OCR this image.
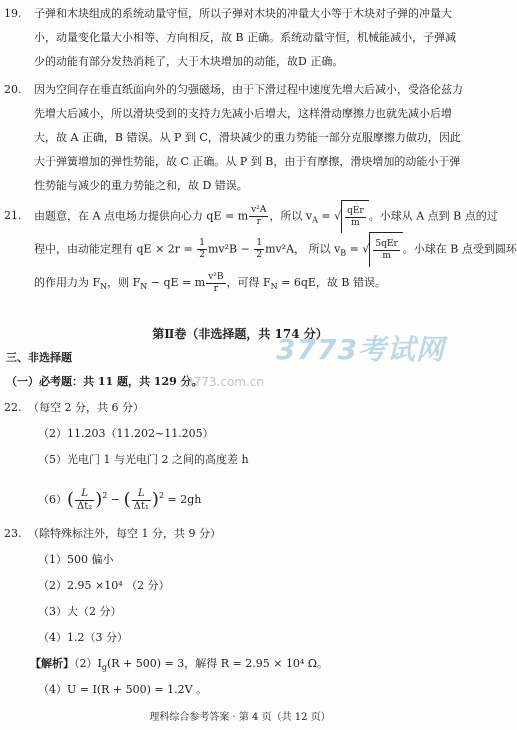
19.	子弹和木块组成的系统动量守恒，所以子弹对木块的冲量大小等于木块对子弹的冲量大
小，动量变化量大小相等、方向相反，故 B 正确。系统动量守恒，机械能减小，子弹减
少的动能有部分发热消耗了，大于木块增加的动能，故D 正确。
20.	因为空间存在垂直纸面向外的匀强磁场，由于下滑过程中速度先增大后减小，受洛伦兹力
先增大后减小，所以滑块受到的支持力先减小后增大，这样滑动摩擦力也就先减小后增
大，故 A 正确，B 错误。从 P 到 C，滑块减少的重力势能一部分克服摩擦力做功，因此
大于弹簧增加的弹性势能，故 C 正确。从 P 到 B，由于有摩擦，滑块增加的动能小于弹
性势能与减少的重力势能之和，故 D 错误。
21.	由题意，在 A 点电场力提供向心力 qE = m $\frac{\text{v²A}}{r}$ ，所以 $v_A$ = √ $\frac{\text{qEr}}{m}$ 。小球从 A 点到 B 点的过
程中，由动能定理有 qE × $2r = \frac{1}{2} mv^2B - \frac{1}{2} mv^2A$， 所以 $v_B$ = √ $\frac{\text{5qEr}}{m}$ 。小球在 B 点受到圆环
的作用力为 $F_N$，则 $F_N$ − qE = m $\frac{\text{v²B}}{r}$ ，可得 $F_N = 6qE$，故 B 错误。
第Ⅱ卷（非选择题，共 174 分）
三、非选择题
（一）必考题：共 11 题，共 129 分。
3773考试网
3773.com.cn
22. （每空 2 分，共 6 分）
（2）11.203（11.202~11.205）
（5）光电门 1 与光电门 2 之间的高度差 h
$(6)( \frac{L}{\text{Δt₂}} )^2$ − ( $\frac{L}{\text{Δt₁}} )^2 = 2gh$
23. （除特殊标注外，每空 1 分，共 9 分）
（1）500 偏小
（2）2.95 ×10⁴ （2 分）
（3）大（2 分）
（4）1.2（3 分）
【解析】$(2)I_g(R + 500) = 3$，解得 R = 2.95 × 10⁴ Ω。
（4）U = I(R + 500) = 1.2V 。
理科综合参考答案 · 第 4 页（共 12 页）
